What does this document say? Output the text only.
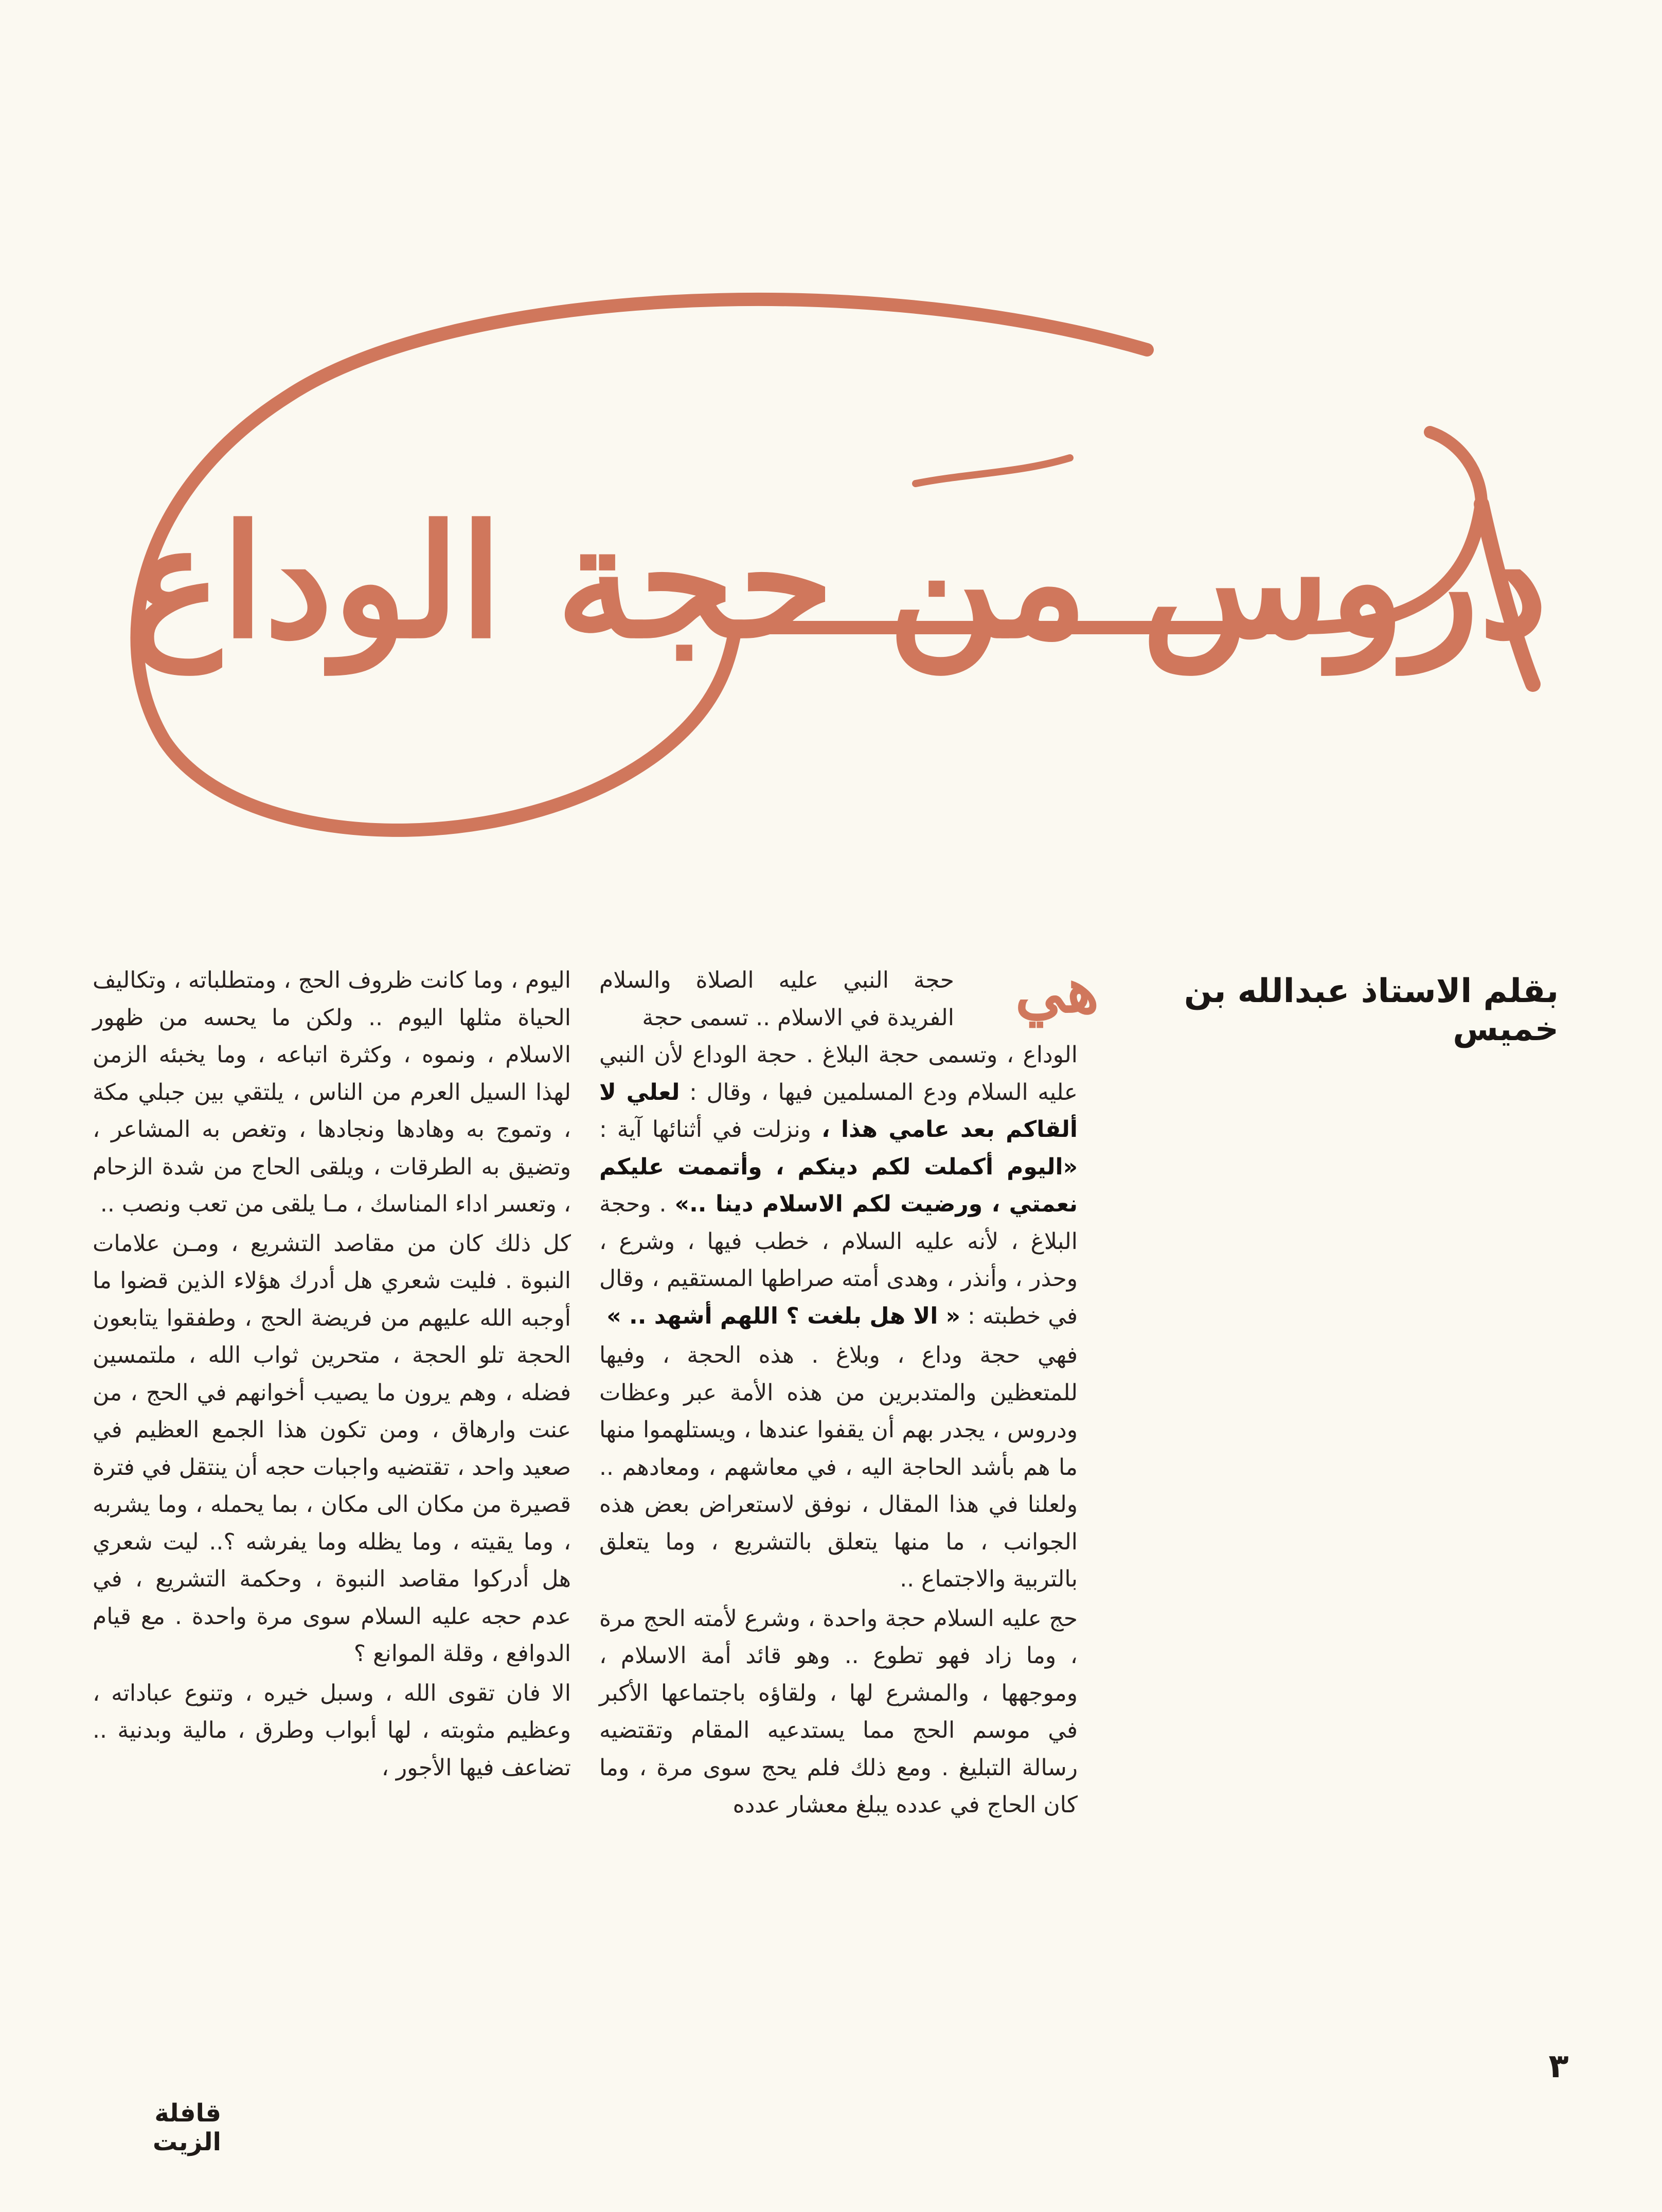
دروس من حجة الوداع
بقلم الاستاذ عبدالله بن خميس
هي

حجة النبي عليه الصلاة والسلام الفريدة في الاسلام .. تسمى حجة
الوداع ، وتسمى حجة البلاغ . حجة الوداع لأن النبي عليه السلام ودع المسلمين فيها ، وقال : لعلي لا ألقاكم بعد عامي هذا ، ونزلت في أثنائها آية : «اليوم أكملت لكم دينكم ، وأتممت عليكم نعمتي ، ورضيت لكم الاسلام دينا ..» . وحجة البلاغ ، لأنه عليه السلام ، خطب فيها ، وشرع ، وحذر ، وأنذر ، وهدى أمته صراطها المستقيم ، وقال في خطبته : « الا هل بلغت ؟ اللهم أشهد .. »

فهي حجة وداع ، وبلاغ . هذه الحجة ، وفيها للمتعظين والمتدبرين من هذه الأمة عبر وعظات ودروس ، يجدر بهم أن يقفوا عندها ، ويستلهموا منها ما هم بأشد الحاجة اليه ، في معاشهم ، ومعادهم .. ولعلنا في هذا المقال ، نوفق لاستعراض بعض هذه الجوانب ، ما منها يتعلق بالتشريع ، وما يتعلق بالتربية والاجتماع ..

حج عليه السلام حجة واحدة ، وشرع لأمته الحج مرة ، وما زاد فهو تطوع .. وهو قائد أمة الاسلام ، وموجهها ، والمشرع لها ، ولقاؤه باجتماعها الأكبر في موسم الحج مما يستدعيه المقام وتقتضيه رسالة التبليغ . ومع ذلك فلم يحج سوى مرة ، وما كان الحاج في عدده يبلغ معشار عدده

اليوم ، وما كانت ظروف الحج ، ومتطلباته ، وتكاليف الحياة مثلها اليوم .. ولكن ما يحسه من ظهور الاسلام ، ونموه ، وكثرة اتباعه ، وما يخبئه الزمن لهذا السيل العرم من الناس ، يلتقي بين جبلي مكة ، وتموج به وهادها ونجادها ، وتغص به المشاعر ، وتضيق به الطرقات ، ويلقى الحاج من شدة الزحام ، وتعسر اداء المناسك ، مـا يلقى من تعب ونصب ..

كل ذلك كان من مقاصد التشريع ، ومـن علامات النبوة . فليت شعري هل أدرك هؤلاء الذين قضوا ما أوجبه الله عليهم من فريضة الحج ، وطفقوا يتابعون الحجة تلو الحجة ، متحرين ثواب الله ، ملتمسين فضله ، وهم يرون ما يصيب أخوانهم في الحج ، من عنت وارهاق ، ومن تكون هذا الجمع العظيم في صعيد واحد ، تقتضيه واجبات حجه أن ينتقل في فترة قصيرة من مكان الى مكان ، بما يحمله ، وما يشربه ، وما يقيته ، وما يظله وما يفرشه ؟.. ليت شعري هل أدركوا مقاصد النبوة ، وحكمة التشريع ، في عدم حجه عليه السلام سوى مرة واحدة . مع قيام الدوافع ، وقلة الموانع ؟

الا فان تقوى الله ، وسبل خيره ، وتنوع عباداته ، وعظيم مثوبته ، لها أبواب وطرق ، مالية وبدنية .. تضاعف فيها الأجور ،

٣
قافلة الزيت
